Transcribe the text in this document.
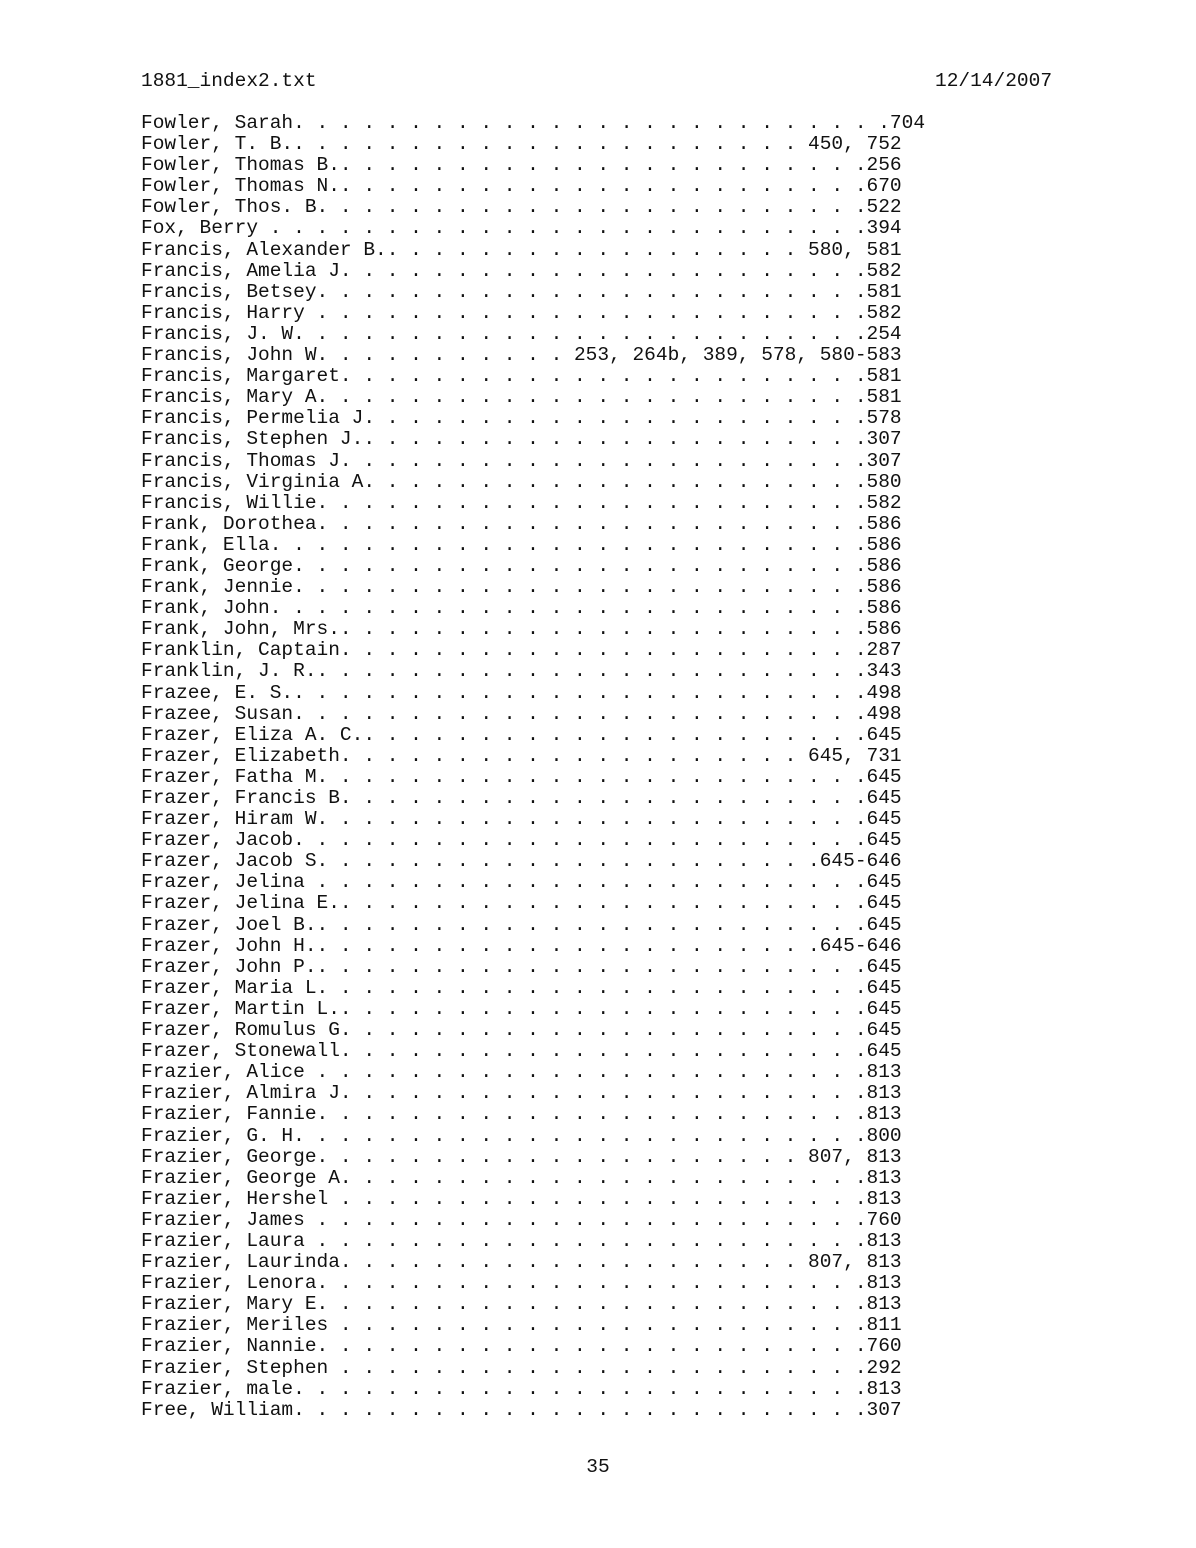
1881_index2.txt	12/14/2007
Fowler, Sarah. . . . . . . . . . . . . . . . . . . . . . . . . .704
Fowler, T. B.. . . . . . . . . . . . . . . . . . . . . . 450, 752
Fowler, Thomas B.. . . . . . . . . . . . . . . . . . . . . . .256
Fowler, Thomas N.. . . . . . . . . . . . . . . . . . . . . . .670
Fowler, Thos. B. . . . . . . . . . . . . . . . . . . . . . . .522
Fox, Berry . . . . . . . . . . . . . . . . . . . . . . . . . .394
Francis, Alexander B.. . . . . . . . . . . . . . . . . . 580, 581
Francis, Amelia J. . . . . . . . . . . . . . . . . . . . . . .582
Francis, Betsey. . . . . . . . . . . . . . . . . . . . . . . .581
Francis, Harry . . . . . . . . . . . . . . . . . . . . . . . .582
Francis, J. W. . . . . . . . . . . . . . . . . . . . . . . . .254
Francis, John W. . . . . . . . . . . 253, 264b, 389, 578, 580-583
Francis, Margaret. . . . . . . . . . . . . . . . . . . . . . .581
Francis, Mary A. . . . . . . . . . . . . . . . . . . . . . . .581
Francis, Permelia J. . . . . . . . . . . . . . . . . . . . . .578
Francis, Stephen J.. . . . . . . . . . . . . . . . . . . . . .307
Francis, Thomas J. . . . . . . . . . . . . . . . . . . . . . .307
Francis, Virginia A. . . . . . . . . . . . . . . . . . . . . .580
Francis, Willie. . . . . . . . . . . . . . . . . . . . . . . .582
Frank, Dorothea. . . . . . . . . . . . . . . . . . . . . . . .586
Frank, Ella. . . . . . . . . . . . . . . . . . . . . . . . . .586
Frank, George. . . . . . . . . . . . . . . . . . . . . . . . .586
Frank, Jennie. . . . . . . . . . . . . . . . . . . . . . . . .586
Frank, John. . . . . . . . . . . . . . . . . . . . . . . . . .586
Frank, John, Mrs.. . . . . . . . . . . . . . . . . . . . . . .586
Franklin, Captain. . . . . . . . . . . . . . . . . . . . . . .287
Franklin, J. R.. . . . . . . . . . . . . . . . . . . . . . . .343
Frazee, E. S.. . . . . . . . . . . . . . . . . . . . . . . . .498
Frazee, Susan. . . . . . . . . . . . . . . . . . . . . . . . .498
Frazer, Eliza A. C.. . . . . . . . . . . . . . . . . . . . . .645
Frazer, Elizabeth. . . . . . . . . . . . . . . . . . . . 645, 731
Frazer, Fatha M. . . . . . . . . . . . . . . . . . . . . . . .645
Frazer, Francis B. . . . . . . . . . . . . . . . . . . . . . .645
Frazer, Hiram W. . . . . . . . . . . . . . . . . . . . . . . .645
Frazer, Jacob. . . . . . . . . . . . . . . . . . . . . . . . .645
Frazer, Jacob S. . . . . . . . . . . . . . . . . . . . . .645-646
Frazer, Jelina . . . . . . . . . . . . . . . . . . . . . . . .645
Frazer, Jelina E.. . . . . . . . . . . . . . . . . . . . . . .645
Frazer, Joel B.. . . . . . . . . . . . . . . . . . . . . . . .645
Frazer, John H.. . . . . . . . . . . . . . . . . . . . . .645-646
Frazer, John P.. . . . . . . . . . . . . . . . . . . . . . . .645
Frazer, Maria L. . . . . . . . . . . . . . . . . . . . . . . .645
Frazer, Martin L.. . . . . . . . . . . . . . . . . . . . . . .645
Frazer, Romulus G. . . . . . . . . . . . . . . . . . . . . . .645
Frazer, Stonewall. . . . . . . . . . . . . . . . . . . . . . .645
Frazier, Alice . . . . . . . . . . . . . . . . . . . . . . . .813
Frazier, Almira J. . . . . . . . . . . . . . . . . . . . . . .813
Frazier, Fannie. . . . . . . . . . . . . . . . . . . . . . . .813
Frazier, G. H. . . . . . . . . . . . . . . . . . . . . . . . .800
Frazier, George. . . . . . . . . . . . . . . . . . . . . 807, 813
Frazier, George A. . . . . . . . . . . . . . . . . . . . . . .813
Frazier, Hershel . . . . . . . . . . . . . . . . . . . . . . .813
Frazier, James . . . . . . . . . . . . . . . . . . . . . . . .760
Frazier, Laura . . . . . . . . . . . . . . . . . . . . . . . .813
Frazier, Laurinda. . . . . . . . . . . . . . . . . . . . 807, 813
Frazier, Lenora. . . . . . . . . . . . . . . . . . . . . . . .813
Frazier, Mary E. . . . . . . . . . . . . . . . . . . . . . . .813
Frazier, Meriles . . . . . . . . . . . . . . . . . . . . . . .811
Frazier, Nannie. . . . . . . . . . . . . . . . . . . . . . . .760
Frazier, Stephen . . . . . . . . . . . . . . . . . . . . . . .292
Frazier, male. . . . . . . . . . . . . . . . . . . . . . . . .813
Free, William. . . . . . . . . . . . . . . . . . . . . . . . .307
35
